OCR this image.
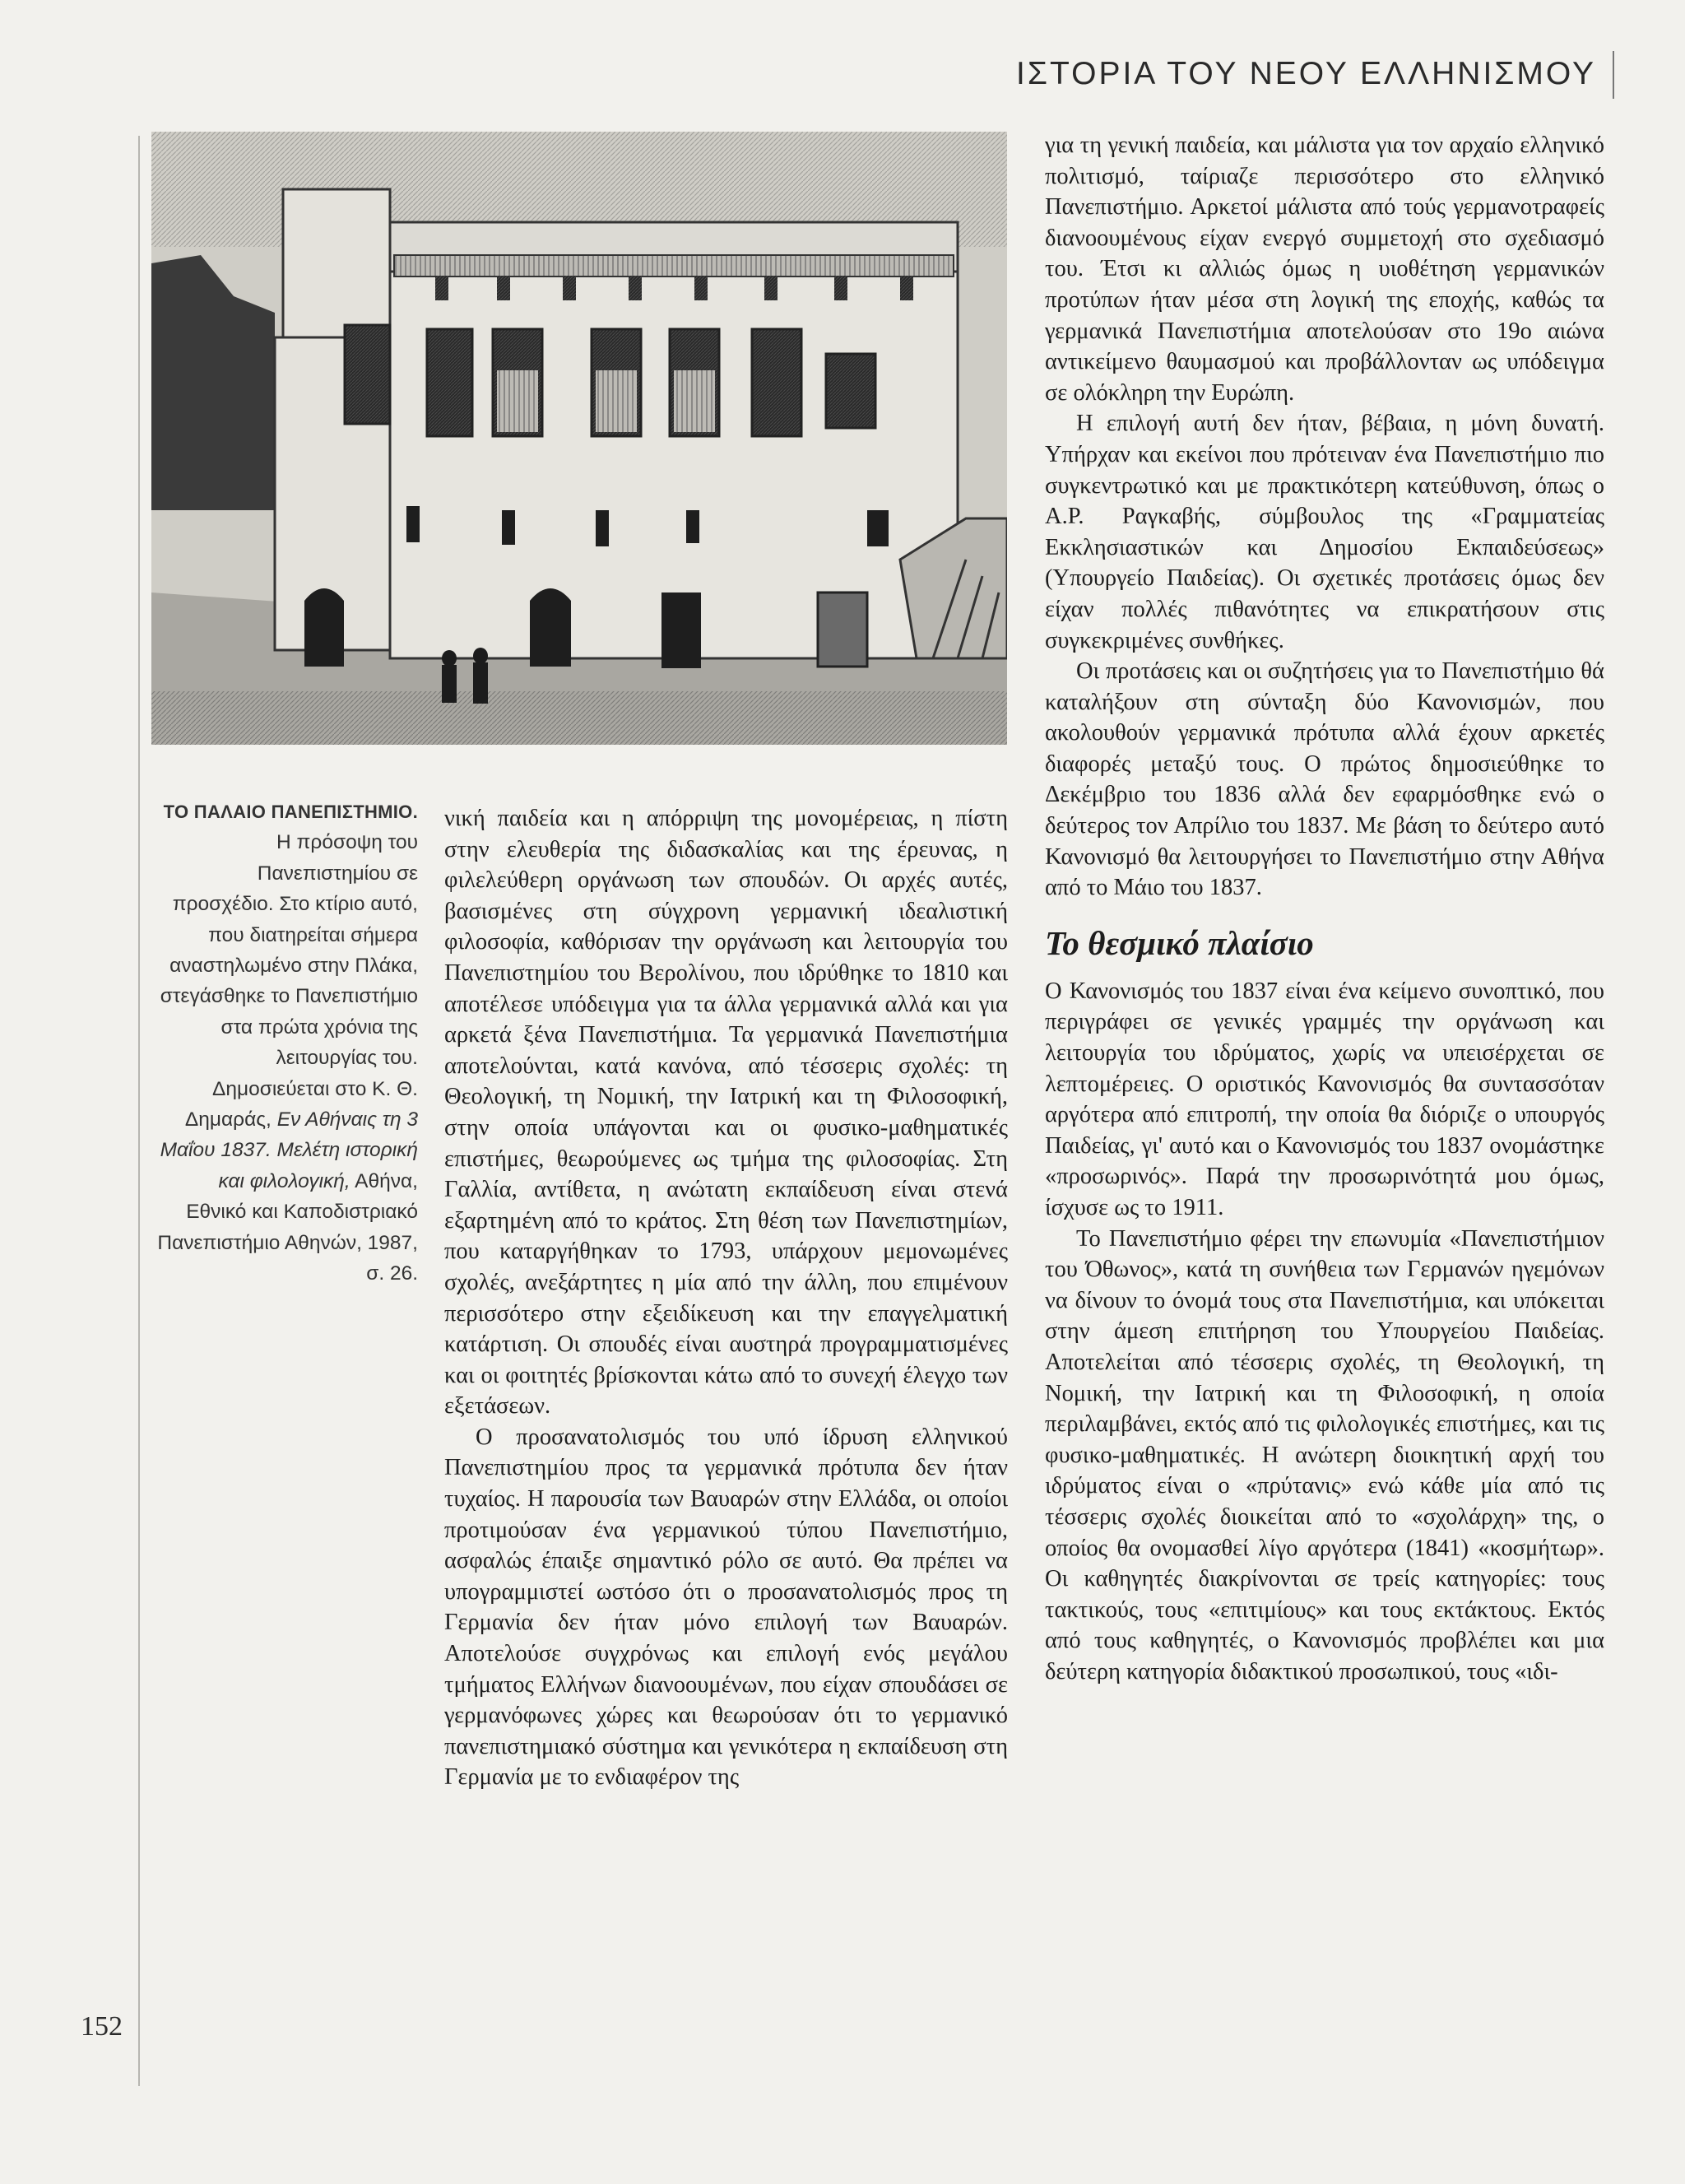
ΙΣΤΟΡΙΑ ΤΟΥ ΝΕΟΥ ΕΛΛΗΝΙΣΜΟΥ
ΤΟ ΠΑΛΑΙΟ ΠΑΝΕΠΙΣΤΗΜΙΟ. Η πρόσοψη του Πανεπιστημίου σε προσχέδιο. Στο κτίριο αυτό, που διατηρείται σήμερα αναστηλωμένο στην Πλάκα, στεγάσθηκε το Πανεπιστήμιο στα πρώτα χρόνια της λειτουργίας του. Δημοσιεύεται στο Κ. Θ. Δημαράς, Εν Αθήναις τη 3 Μαΐου 1837. Μελέτη ιστορική και φιλολογική, Αθήνα, Εθνικό και Καποδιστριακό Πανεπιστήμιο Αθηνών, 1987, σ. 26.

νική παιδεία και η απόρριψη της μονομέρειας, η πίστη στην ελευθερία της διδασκαλίας και της έρευνας, η φιλελεύθερη οργάνωση των σπουδών. Οι αρχές αυτές, βασισμένες στη σύγχρονη γερμανική ιδεαλιστική φιλοσοφία, καθόρισαν την οργάνωση και λειτουργία του Πανεπιστημίου του Βερολίνου, που ιδρύθηκε το 1810 και αποτέλεσε υπόδειγμα για τα άλλα γερμανικά αλλά και για αρκετά ξένα Πανεπιστήμια. Τα γερμανικά Πανεπιστήμια αποτελούνται, κατά κανόνα, από τέσσερις σχολές: τη Θεολογική, τη Νομική, την Ιατρική και τη Φιλοσοφική, στην οποία υπάγονται και οι φυσικο-μαθηματικές επιστήμες, θεωρούμενες ως τμήμα της φιλοσοφίας. Στη Γαλλία, αντίθετα, η ανώτατη εκπαίδευση είναι στενά εξαρτημένη από το κράτος. Στη θέση των Πανεπιστημίων, που καταργήθηκαν το 1793, υπάρχουν μεμονωμένες σχολές, ανεξάρτητες η μία από την άλλη, που επιμένουν περισσότερο στην εξειδίκευση και την επαγγελματική κατάρτιση. Οι σπουδές είναι αυστηρά προγραμματισμένες και οι φοιτητές βρίσκονται κάτω από το συνεχή έλεγχο των εξετάσεων.

Ο προσανατολισμός του υπό ίδρυση ελληνικού Πανεπιστημίου προς τα γερμανικά πρότυπα δεν ήταν τυχαίος. Η παρουσία των Βαυαρών στην Ελλάδα, οι οποίοι προτιμούσαν ένα γερμανικού τύπου Πανεπιστήμιο, ασφαλώς έπαιξε σημαντικό ρόλο σε αυτό. Θα πρέπει να υπογραμμιστεί ωστόσο ότι ο προσανατολισμός προς τη Γερμανία δεν ήταν μόνο επιλογή των Βαυαρών. Αποτελούσε συγχρόνως και επιλογή ενός μεγάλου τμήματος Ελλήνων διανοουμένων, που είχαν σπουδάσει σε γερμανόφωνες χώρες και θεωρούσαν ότι το γερμανικό πανεπιστημιακό σύστημα και γενικότερα η εκπαίδευση στη Γερμανία με το ενδιαφέρον της

για τη γενική παιδεία, και μάλιστα για τον αρχαίο ελληνικό πολιτισμό, ταίριαζε περισσότερο στο ελληνικό Πανεπιστήμιο. Αρκετοί μάλιστα από τούς γερμανοτραφείς διανοουμένους είχαν ενεργό συμμετοχή στο σχεδιασμό του. Έτσι κι αλλιώς όμως η υιοθέτηση γερμανικών προτύπων ήταν μέσα στη λογική της εποχής, καθώς τα γερμανικά Πανεπιστήμια αποτελούσαν στο 19ο αιώνα αντικείμενο θαυμασμού και προβάλλονταν ως υπόδειγμα σε ολόκληρη την Ευρώπη.

Η επιλογή αυτή δεν ήταν, βέβαια, η μόνη δυνατή. Υπήρχαν και εκείνοι που πρότειναν ένα Πανεπιστήμιο πιο συγκεντρωτικό και με πρακτικότερη κατεύθυνση, όπως ο Α.Ρ. Ραγκαβής, σύμβουλος της «Γραμματείας Εκκλησιαστικών και Δημοσίου Εκπαιδεύσεως» (Υπουργείο Παιδείας). Οι σχετικές προτάσεις όμως δεν είχαν πολλές πιθανότητες να επικρατήσουν στις συγκεκριμένες συνθήκες.

Οι προτάσεις και οι συζητήσεις για το Πανεπιστήμιο θά καταλήξουν στη σύνταξη δύο Κανονισμών, που ακολουθούν γερμανικά πρότυπα αλλά έχουν αρκετές διαφορές μεταξύ τους. Ο πρώτος δημοσιεύθηκε το Δεκέμβριο του 1836 αλλά δεν εφαρμόσθηκε ενώ ο δεύτερος τον Απρίλιο του 1837. Με βάση το δεύτερο αυτό Κανονισμό θα λειτουργήσει το Πανεπιστήμιο στην Αθήνα από το Μάιο του 1837.

Το θεσμικό πλαίσιο

Ο Κανονισμός του 1837 είναι ένα κείμενο συνοπτικό, που περιγράφει σε γενικές γραμμές την οργάνωση και λειτουργία του ιδρύματος, χωρίς να υπεισέρχεται σε λεπτομέρειες. Ο οριστικός Κανονισμός θα συντασσόταν αργότερα από επιτροπή, την οποία θα διόριζε ο υπουργός Παιδείας, γι' αυτό και ο Κανονισμός του 1837 ονομάστηκε «προσωρινός». Παρά την προσωρινότητά μου όμως, ίσχυσε ως το 1911.

Το Πανεπιστήμιο φέρει την επωνυμία «Πανεπιστήμιον του Όθωνος», κατά τη συνήθεια των Γερμανών ηγεμόνων να δίνουν το όνομά τους στα Πανεπιστήμια, και υπόκειται στην άμεση επιτήρηση του Υπουργείου Παιδείας. Αποτελείται από τέσσερις σχολές, τη Θεολογική, τη Νομική, την Ιατρική και τη Φιλοσοφική, η οποία περιλαμβάνει, εκτός από τις φιλολογικές επιστήμες, και τις φυσικο-μαθηματικές. Η ανώτερη διοικητική αρχή του ιδρύματος είναι ο «πρύτανις» ενώ κάθε μία από τις τέσσερις σχολές διοικείται από το «σχολάρχη» της, ο οποίος θα ονομασθεί λίγο αργότερα (1841) «κοσμήτωρ». Οι καθηγητές διακρίνονται σε τρείς κατηγορίες: τους τακτικούς, τους «επιτιμίους» και τους εκτάκτους. Εκτός από τους καθηγητές, ο Κανονισμός προβλέπει και μια δεύτερη κατηγορία διδακτικού προσωπικού, τους «ιδι-

152
